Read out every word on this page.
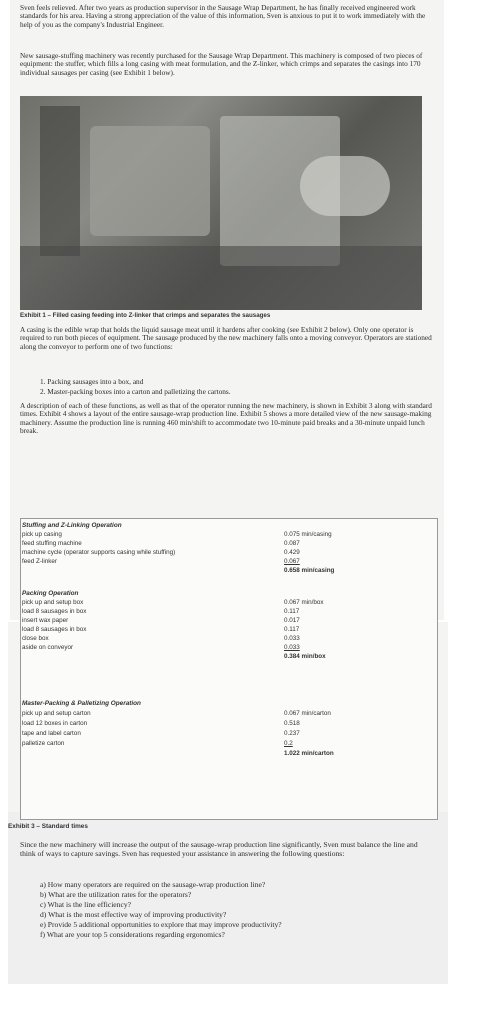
Sven feels relieved. After two years as production supervisor in the Sausage Wrap Department, he has finally received engineered work standards for his area. Having a strong appreciation of the value of this information, Sven is anxious to put it to work immediately with the help of you as the company's Industrial Engineer.

New sausage-stuffing machinery was recently purchased for the Sausage Wrap Department. This machinery is composed of two pieces of equipment: the stuffer, which fills a long casing with meat formulation, and the Z-linker, which crimps and separates the casings into 170 individual sausages per casing (see Exhibit 1 below).

Exhibit 1 – Filled casing feeding into Z-linker that crimps and separates the sausages

A casing is the edible wrap that holds the liquid sausage meat until it hardens after cooking (see Exhibit 2 below). Only one operator is required to run both pieces of equipment. The sausage produced by the new machinery falls onto a moving conveyor. Operators are stationed along the conveyor to perform one of two functions:

1. Packing sausages into a box, and
2. Master-packing boxes into a carton and palletizing the cartons.

A description of each of these functions, as well as that of the operator running the new machinery, is shown in Exhibit 3 along with standard times. Exhibit 4 shows a layout of the entire sausage-wrap production line. Exhibit 5 shows a more detailed view of the new sausage-making machinery. Assume the production line is running 460 min/shift to accommodate two 10-minute paid breaks and a 30-minute unpaid lunch break.

Stuffing and Z-Linking Operation
pick up casing	0.075 min/casing
feed stuffing machine	0.087
machine cycle (operator supports casing while stuffing)	0.429
feed Z-linker	0.067
0.658 min/casing
Packing Operation
pick up and setup box	0.067 min/box
load 8 sausages in box	0.117
insert wax paper	0.017
load 8 sausages in box	0.117
close box	0.033
aside on conveyor	0.033
0.384 min/box
Master-Packing & Palletizing Operation
pick up and setup carton	0.067 min/carton
load 12 boxes in carton	0.518
tape and label carton	0.237
palletize carton	0.2
1.022 min/carton
Exhibit 3 – Standard times

Since the new machinery will increase the output of the sausage-wrap production line significantly, Sven must balance the line and think of ways to capture savings. Sven has requested your assistance in answering the following questions:

a) How many operators are required on the sausage-wrap production line?
b) What are the utilization rates for the operators?
c) What is the line efficiency?
d) What is the most effective way of improving productivity?
e) Provide 5 additional opportunities to explore that may improve productivity?
f) What are your top 5 considerations regarding ergonomics?
